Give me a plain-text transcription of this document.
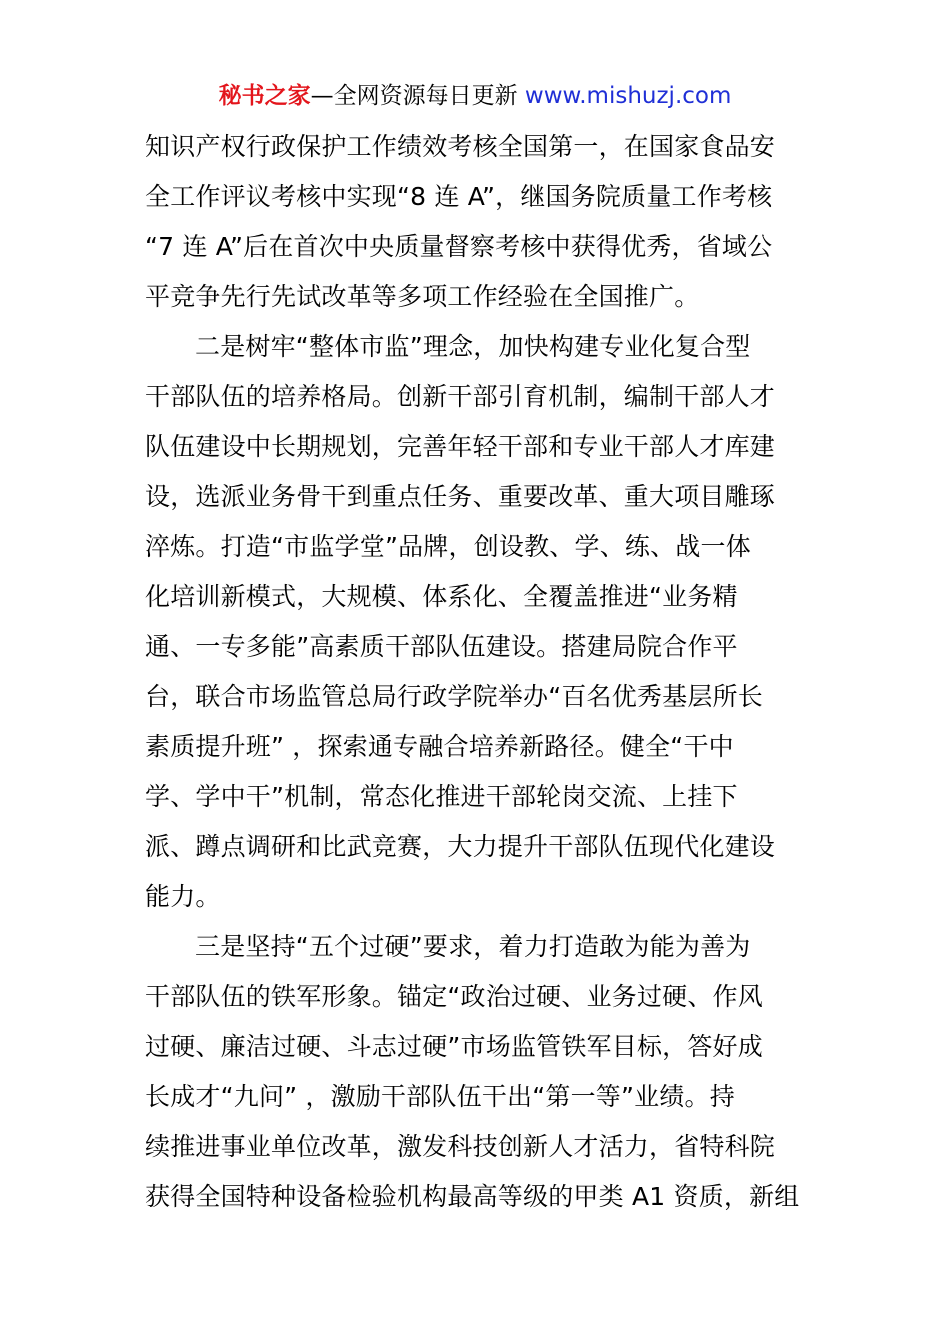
秘书之家—全网资源每日更新 www.mishuzj.com
知识产权行政保护工作绩效考核全国第一，在国家食品安
全工作评议考核中实现“8 连 A”，继国务院质量工作考核
“7 连 A”后在首次中央质量督察考核中获得优秀，省域公
平竞争先行先试改革等多项工作经验在全国推广。
二是树牢“整体市监”理念，加快构建专业化复合型
干部队伍的培养格局。创新干部引育机制，编制干部人才
队伍建设中长期规划，完善年轻干部和专业干部人才库建
设，选派业务骨干到重点任务、重要改革、重大项目雕琢
淬炼。打造“市监学堂”品牌，创设教、学、练、战一体
化培训新模式，大规模、体系化、全覆盖推进“业务精
通、一专多能”高素质干部队伍建设。搭建局院合作平
台，联合市场监管总局行政学院举办“百名优秀基层所长
素质提升班” ，探索通专融合培养新路径。健全“干中
学、学中干”机制，常态化推进干部轮岗交流、上挂下
派、蹲点调研和比武竞赛，大力提升干部队伍现代化建设
能力。
三是坚持“五个过硬”要求，着力打造敢为能为善为
干部队伍的铁军形象。锚定“政治过硬、业务过硬、作风
过硬、廉洁过硬、斗志过硬”市场监管铁军目标，答好成
长成才“九问” ，激励干部队伍干出“第一等”业绩。持
续推进事业单位改革，激发科技创新人才活力，省特科院
获得全国特种设备检验机构最高等级的甲类 A1 资质，新组
